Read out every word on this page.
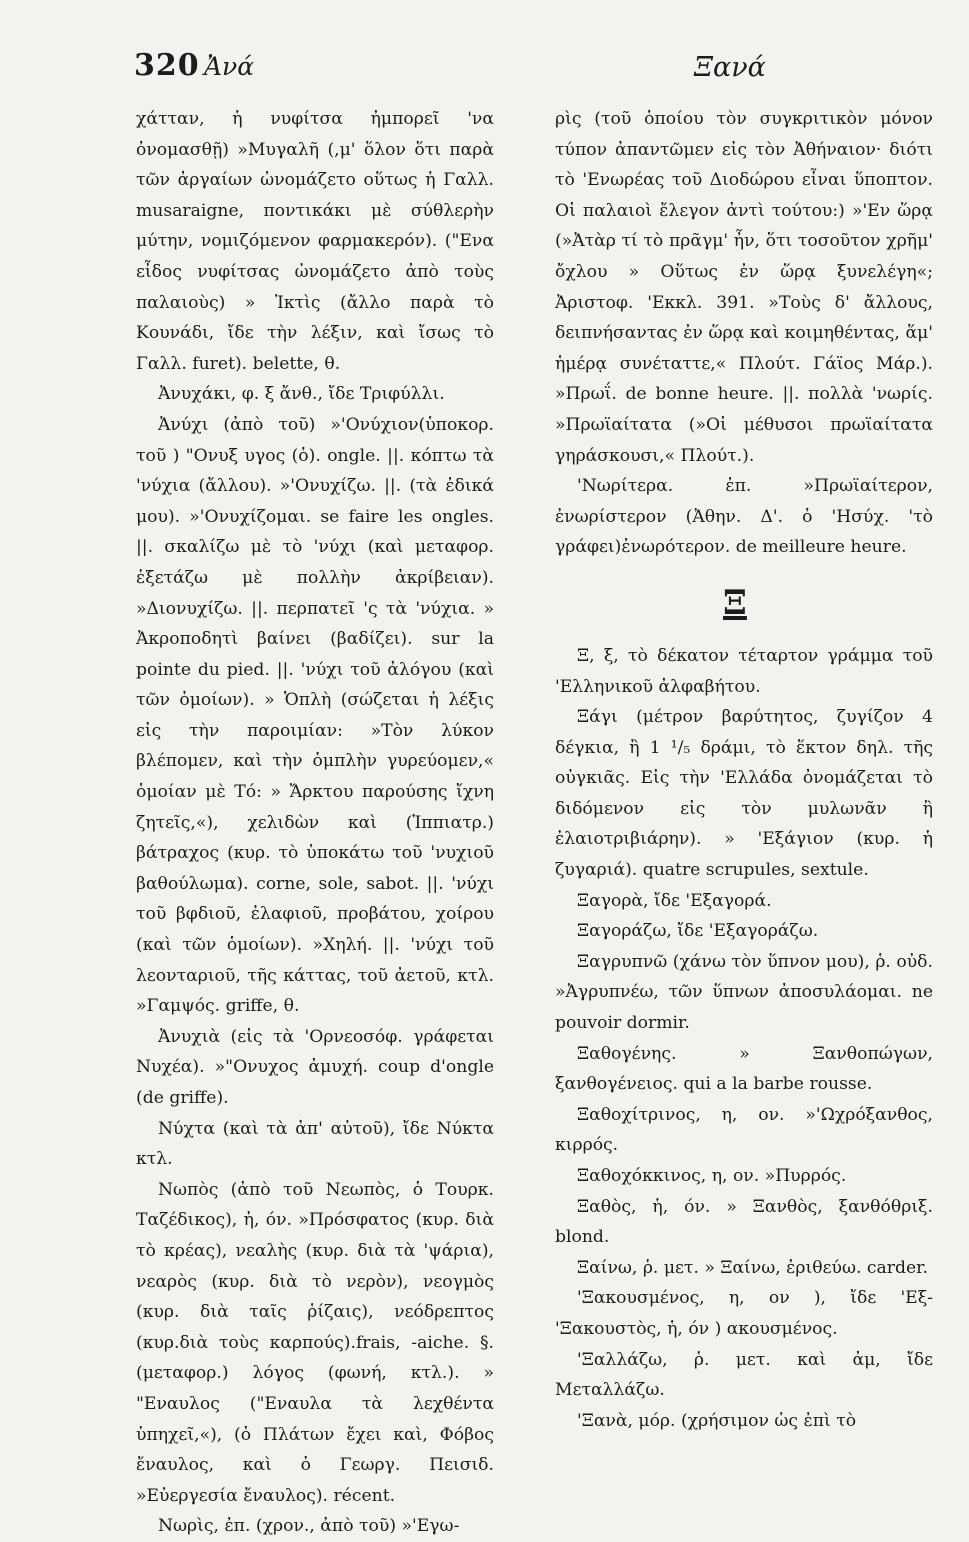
320 Ἀνά	Ξανά

χάτταν, ἡ νυφίτσα ἠμπορεῖ 'να ὀνομασθῇ) »Μυγαλῆ (,μ' ὅλον ὅτι παρὰ τῶν ἀργαίων ὠνομάζετο οὕτως ἡ Γαλλ. musaraigne, ποντικάκι μὲ σύθλερὴν μύτην, νομιζόμενον φαρμακερόν). ("Ενα εἶδος νυφίτσας ὠνομάζετο ἀπὸ τοὺς παλαιοὺς) » Ἰκτὶς (ἄλλο παρὰ τὸ Κουνάδι, ἴδε τὴν λέξιν, καὶ ἴσως τὸ Γαλλ. furet). belette, θ.

Ἀνυχάκι, φ. ξ ἄνθ., ἴδε Τριφύλλι.

Ἀνύχι (ἀπὸ τοῦ) »'Ονύχιον(ὑποκορ. τοῦ ) "Ονυξ υγος (ὁ). ongle. ||. κόπτω τὰ 'νύχια (ἄλλου). »'Ονυχίζω. ||. (τὰ ἐδικά μου). »'Ονυχίζομαι. se faire les ongles. ||. σκαλίζω μὲ τὸ 'νύχι (καὶ μεταφορ. ἐξετάζω μὲ πολλὴν ἀκρίβειαν). »Διονυχίζω. ||. περπατεῖ 'ς τὰ 'νύχια. » Ἀκροποδητὶ βαίνει (βαδίζει). sur la pointe du pied. ||. 'νύχι τοῦ ἀλόγου (καὶ τῶν ὁμοίων). » Ὁπλὴ (σώζεται ἡ λέξις εἰς τὴν παροιμίαν: »Τὸν λύκον βλέπομεν, καὶ τὴν ὁμπλὴν γυρεύομεν,« ὁμοίαν μὲ Τό: » Ἄρκτου παρούσης ἴχνη ζητεῖς,«), χελιδὼν καὶ (Ἱππιατρ.) βάτραχος (κυρ. τὸ ὑποκάτω τοῦ 'νυχιοῦ βαθούλωμα). corne, sole, sabot. ||. 'νύχι τοῦ βφδιοῦ, ἐλαφιοῦ, προβάτου, χοίρου (καὶ τῶν ὁμοίων). »Χηλή. ||. 'νύχι τοῦ λεονταριοῦ, τῆς κάττας, τοῦ ἀετοῦ, κτλ. »Γαμψός. griffe, θ.

Ἀνυχιὰ (εἰς τὰ 'Ορνεοσόφ. γράφεται Νυχέα). »"Ονυχος ἀμυχή. coup d'ongle (de griffe).

Νύχτα (καὶ τὰ ἀπ' αὐτοῦ), ἴδε Νύκτα κτλ.

Νωπὸς (ἀπὸ τοῦ Νεωπὸς, ὁ Τουρκ. Ταζέδικος), ἡ, όν. »Πρόσφατος (κυρ. διὰ τὸ κρέας), νεαλὴς (κυρ. διὰ τὰ 'ψάρια), νεαρὸς (κυρ. διὰ τὸ νερὸν), νεογμὸς (κυρ. διὰ ταῖς ῥίζαις), νεόδρεπτος (κυρ.διὰ τοὺς καρπούς).frais, -aiche. §. (μεταφορ.) λόγος (φωνή, κτλ.). » "Εναυλος ("Εναυλα τὰ λεχθέντα ὑπηχεῖ,«), (ὁ Πλάτων ἔχει καὶ, Φόβος ἔναυλος, καὶ ὁ Γεωργ. Πεισιδ. »Εὐεργεσία ἔναυλος). récent.

Νωρὶς, ἐπ. (χρον., ἀπὸ τοῦ) »'Εγω-

ρὶς (τοῦ ὁποίου τὸν συγκριτικὸν μόνον τύπον ἀπαντῶμεν εἰς τὸν Ἀθήναιον· διότι τὸ 'Ενωρέας τοῦ Διοδώρου εἶναι ὕποπτον. Οἱ παλαιοὶ ἔλεγον ἀντὶ τούτου:) »'Εν ὥρᾳ (»Ἀτὰρ τί τὸ πρᾶγμ' ἦν, ὅτι τοσοῦτον χρῆμ' ὄχλου » Οὕτως ἐν ὥρᾳ ξυνελέγη«; Ἀριστοφ. 'Εκκλ. 391. »Τοὺς δ' ἄλλους, δειπνήσαντας ἐν ὥρᾳ καὶ κοιμηθέντας, ἅμ' ἡμέρᾳ συνέταττε,« Πλούτ. Γάϊος Μάρ.). »Πρωΐ. de bonne heure. ||. πολλὰ 'νωρίς. »Πρωϊαίτατα (»Οἱ μέθυσοι πρωϊαίτατα γηράσκουσι,« Πλούτ.).

'Νωρίτερα. ἐπ. »Πρωϊαίτερον, ἐνωρίστερον (Ἀθην. Δ'. ὁ 'Ησύχ. 'τὸ γράφει)ἐνωρότερον. de meilleure heure.

Ξ

Ξ, ξ, τὸ δέκατον τέταρτον γράμμα τοῦ 'Ελληνικοῦ ἀλφαβήτου.

Ξάγι (μέτρον βαρύτητος, ζυγίζον 4 δέγκια, ἢ 1 ¹/₅ δράμι, τὸ ἕκτον δηλ. τῆς οὐγκιᾶς. Εἰς τὴν 'Ελλάδα ὀνομάζεται τὸ διδόμενον εἰς τὸν μυλωνᾶν ἢ ἐλαιοτριβιάρην). » 'Εξάγιον (κυρ. ἡ ζυγαριά). quatre scrupules, sextule.

Ξαγορὰ, ἴδε 'Εξαγορά.

Ξαγοράζω, ἴδε 'Εξαγοράζω.

Ξαγρυπνῶ (χάνω τὸν ὕπνον μου), ῥ. οὐδ. »Ἀγρυπνέω, τῶν ὕπνων ἀποσυλάομαι. ne pouvoir dormir.

Ξαθογένης. » Ξανθοπώγων, ξανθογένειος. qui a la barbe rousse.

Ξαθοχίτρινος, η, ον. »'Ωχρόξανθος, κιρρός.

Ξαθοχόκκινος, η, ον. »Πυρρός.

Ξαθὸς, ἡ, όν. » Ξανθὸς, ξανθόθριξ. blond.

Ξαίνω, ῥ. μετ. » Ξαίνω, ἐριθεύω. carder.

'Ξακουσμένος, η, ον ), ἴδε 'Εξ- 'Ξακουστὸς, ἡ, όν ) ακουσμένος.

'Ξαλλάζω, ῥ. μετ. καὶ ἀμ, ἴδε Μεταλλάζω.

'Ξανὰ, μόρ. (χρήσιμον ὡς ἐπὶ τὸ
